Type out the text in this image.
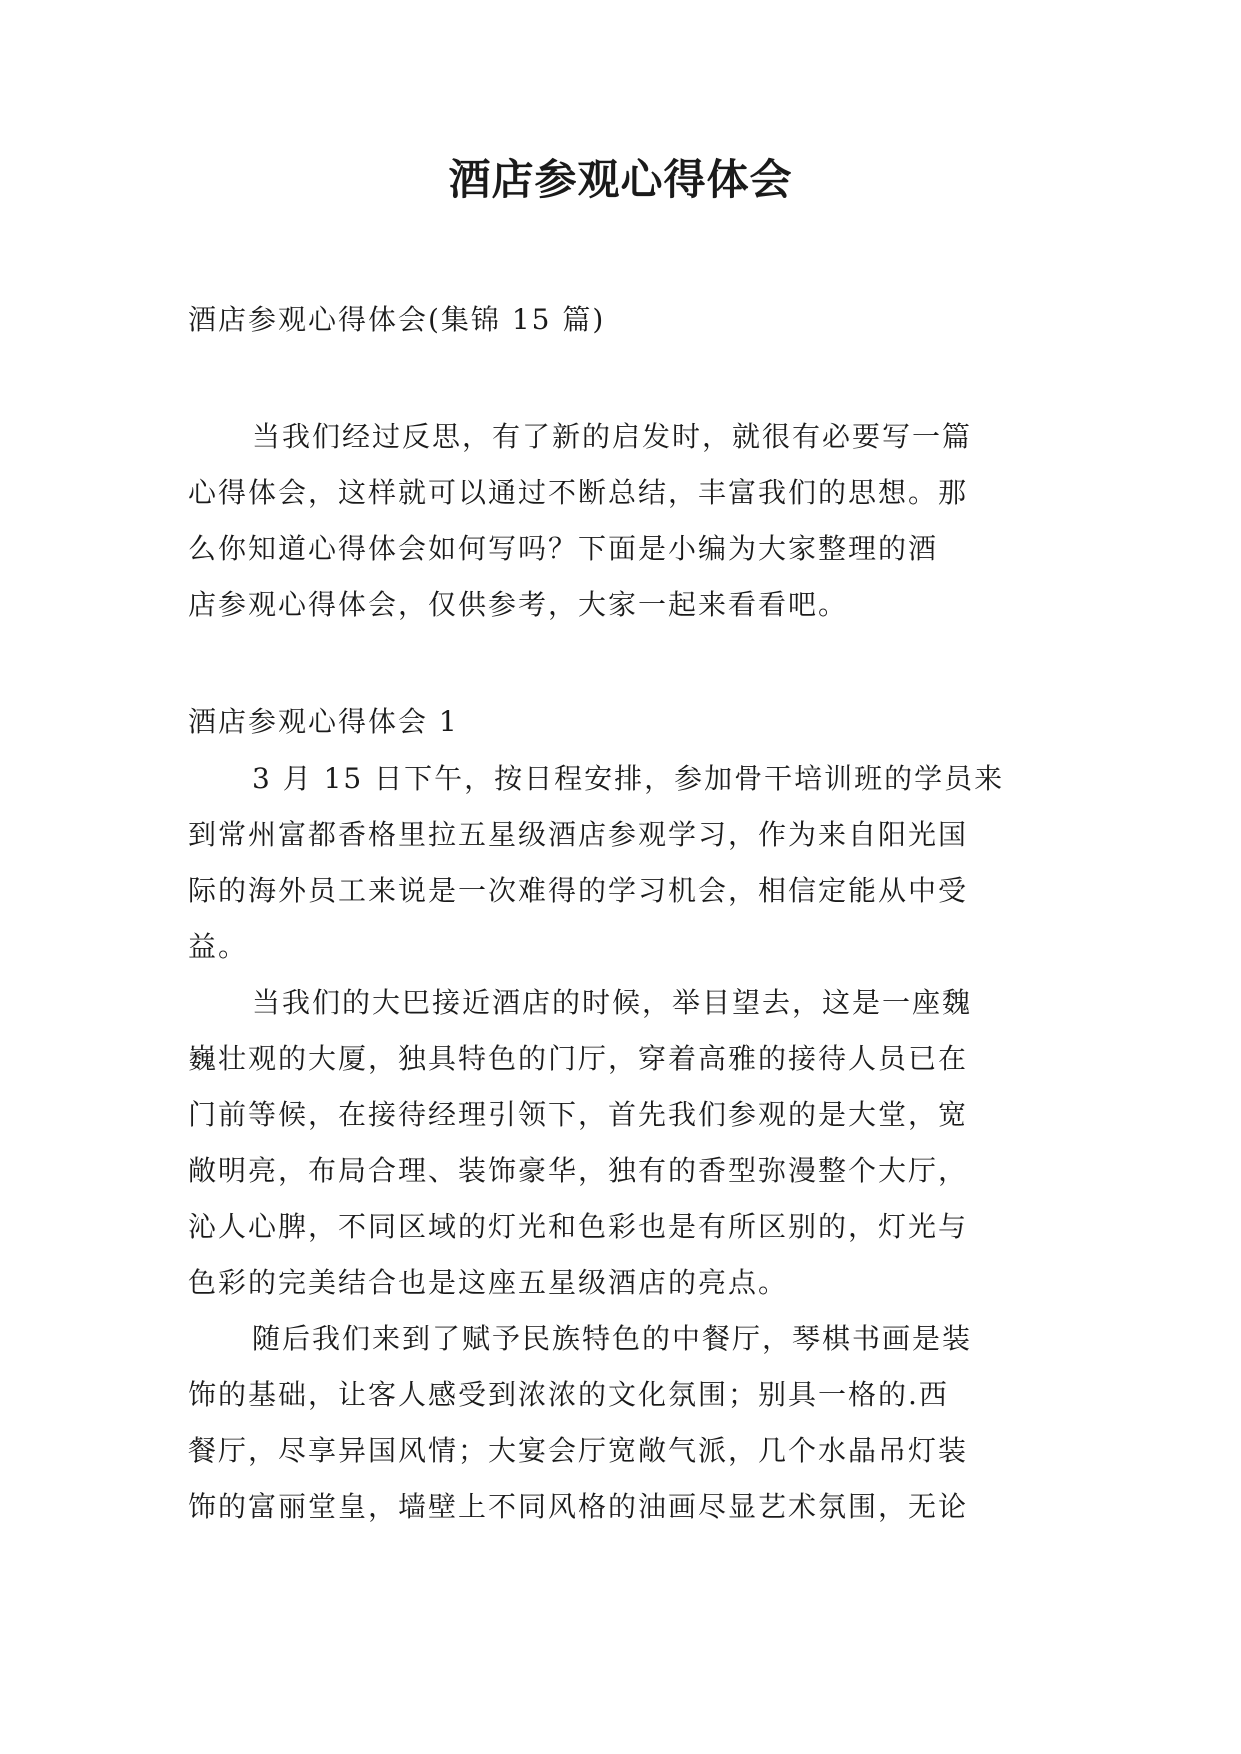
酒店参观心得体会
酒店参观心得体会(集锦 15 篇)
当我们经过反思，有了新的启发时，就很有必要写一篇
心得体会，这样就可以通过不断总结，丰富我们的思想。那
么你知道心得体会如何写吗？下面是小编为大家整理的酒
店参观心得体会，仅供参考，大家一起来看看吧。
酒店参观心得体会 1
3 月 15 日下午，按日程安排，参加骨干培训班的学员来
到常州富都香格里拉五星级酒店参观学习，作为来自阳光国
际的海外员工来说是一次难得的学习机会，相信定能从中受
益。
当我们的大巴接近酒店的时候，举目望去，这是一座魏
巍壮观的大厦，独具特色的门厅，穿着高雅的接待人员已在
门前等候，在接待经理引领下，首先我们参观的是大堂，宽
敞明亮，布局合理、装饰豪华，独有的香型弥漫整个大厅，
沁人心脾，不同区域的灯光和色彩也是有所区别的，灯光与
色彩的完美结合也是这座五星级酒店的亮点。
随后我们来到了赋予民族特色的中餐厅，琴棋书画是装
饰的基础，让客人感受到浓浓的文化氛围；别具一格的.西
餐厅，尽享异国风情；大宴会厅宽敞气派，几个水晶吊灯装
饰的富丽堂皇，墙壁上不同风格的油画尽显艺术氛围，无论
